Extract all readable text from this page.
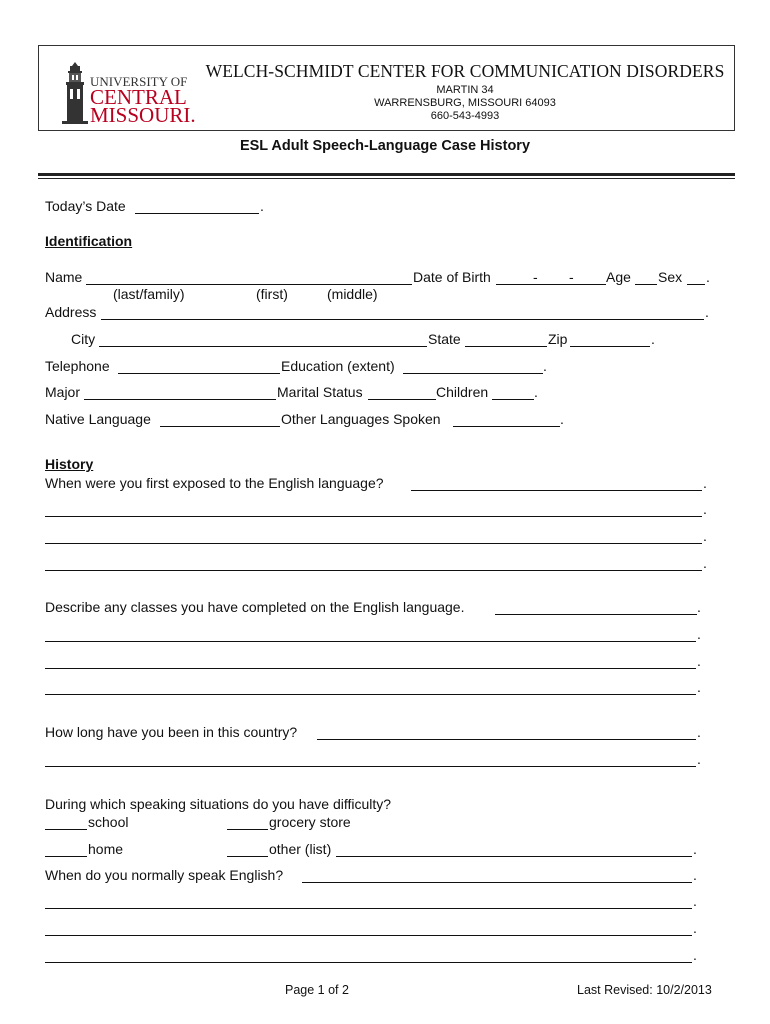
UNIVERSITY OF
CENTRAL
MISSOURI.
WELCH-SCHMIDT CENTER FOR COMMUNICATION DISORDERS
MARTIN 34
WARRENSBURG, MISSOURI 64093
660-543-4993
ESL Adult Speech-Language Case History
Today’s Date	.
Identification
Name	Date of Birth	- - Age Sex .
(last/family)	(first)	(middle)
Address	.
City	State	Zip	.
Telephone	Education (extent)	.
Major	Marital Status	Children	.
Native Language	Other Languages Spoken	.
History
When were you first exposed to the English language?	.
.
.
.
Describe any classes you have completed on the English language.	.
.
.
.
How long have you been in this country?	.
.
During which speaking situations do you have difficulty?
school	grocery store
home	other (list)	.
When do you normally speak English?	.
.
.
.
Page 1 of 2	Last Revised: 10/2/2013
